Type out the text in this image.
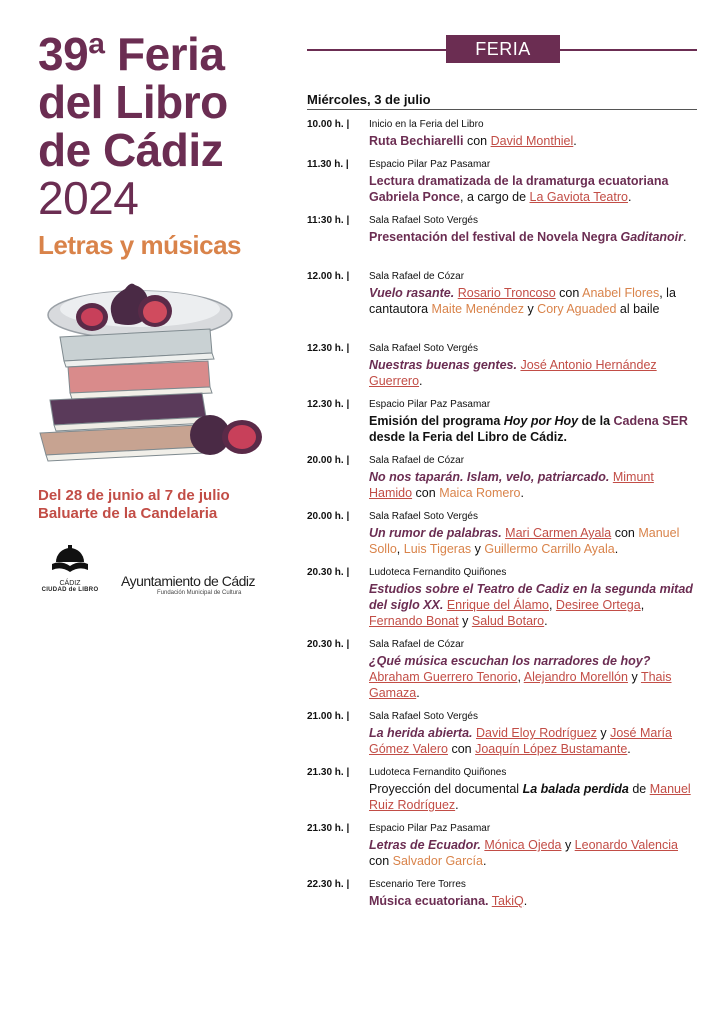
39ª Feria
del Libro
de Cádiz
2024

Letras y músicas

Del 28 de junio al 7 de julio
Baluarte de la Candelaria
CÁDIZ
CIUDAD de LIBRO
Ayuntamiento de Cádiz
Fundación Municipal de Cultura
FERIA
Miércoles, 3 de julio
10.00 h. | Inicio en la Feria del Libro
Ruta Bechiarelli con David Monthiel.
11.30 h. | Espacio Pilar Paz Pasamar
Lectura dramatizada de la dramaturga ecuatoriana Gabriela Ponce, a cargo de La Gaviota Teatro.
11:30 h. | Sala Rafael Soto Vergés
Presentación del festival de Novela Negra Gaditanoir.
12.00 h. | Sala Rafael de Cózar
Vuelo rasante. Rosario Troncoso con Anabel Flores, la cantautora Maite Menéndez y Cory Aguaded al baile
12.30 h. | Sala Rafael Soto Vergés
Nuestras buenas gentes. José Antonio Hernández Guerrero.
12.30 h. | Espacio Pilar Paz Pasamar
Emisión del programa Hoy por Hoy de la Cadena SER desde la Feria del Libro de Cádiz.
20.00 h. | Sala Rafael de Cózar
No nos taparán. Islam, velo, patriarcado. Mimunt Hamido con Maica Romero.
20.00 h. | Sala Rafael Soto Vergés
Un rumor de palabras. Mari Carmen Ayala con Manuel Sollo, Luis Tigeras y Guillermo Carrillo Ayala.
20.30 h. | Ludoteca Fernandito Quiñones
Estudios sobre el Teatro de Cadiz en la segunda mitad del siglo XX. Enrique del Álamo, Desiree Ortega, Fernando Bonat y Salud Botaro.
20.30 h. | Sala Rafael de Cózar
¿Qué música escuchan los narradores de hoy? Abraham Guerrero Tenorio, Alejandro Morellón y Thais Gamaza.
21.00 h. | Sala Rafael Soto Vergés
La herida abierta. David Eloy Rodríguez y José María Gómez Valero con Joaquín López Bustamante.
21.30 h. | Ludoteca Fernandito Quiñones
Proyección del documental La balada perdida de Manuel Ruiz Rodríguez.
21.30 h. | Espacio Pilar Paz Pasamar
Letras de Ecuador. Mónica Ojeda y Leonardo Valencia con Salvador García.
22.30 h. | Escenario Tere Torres
Música ecuatoriana. TakiQ.
